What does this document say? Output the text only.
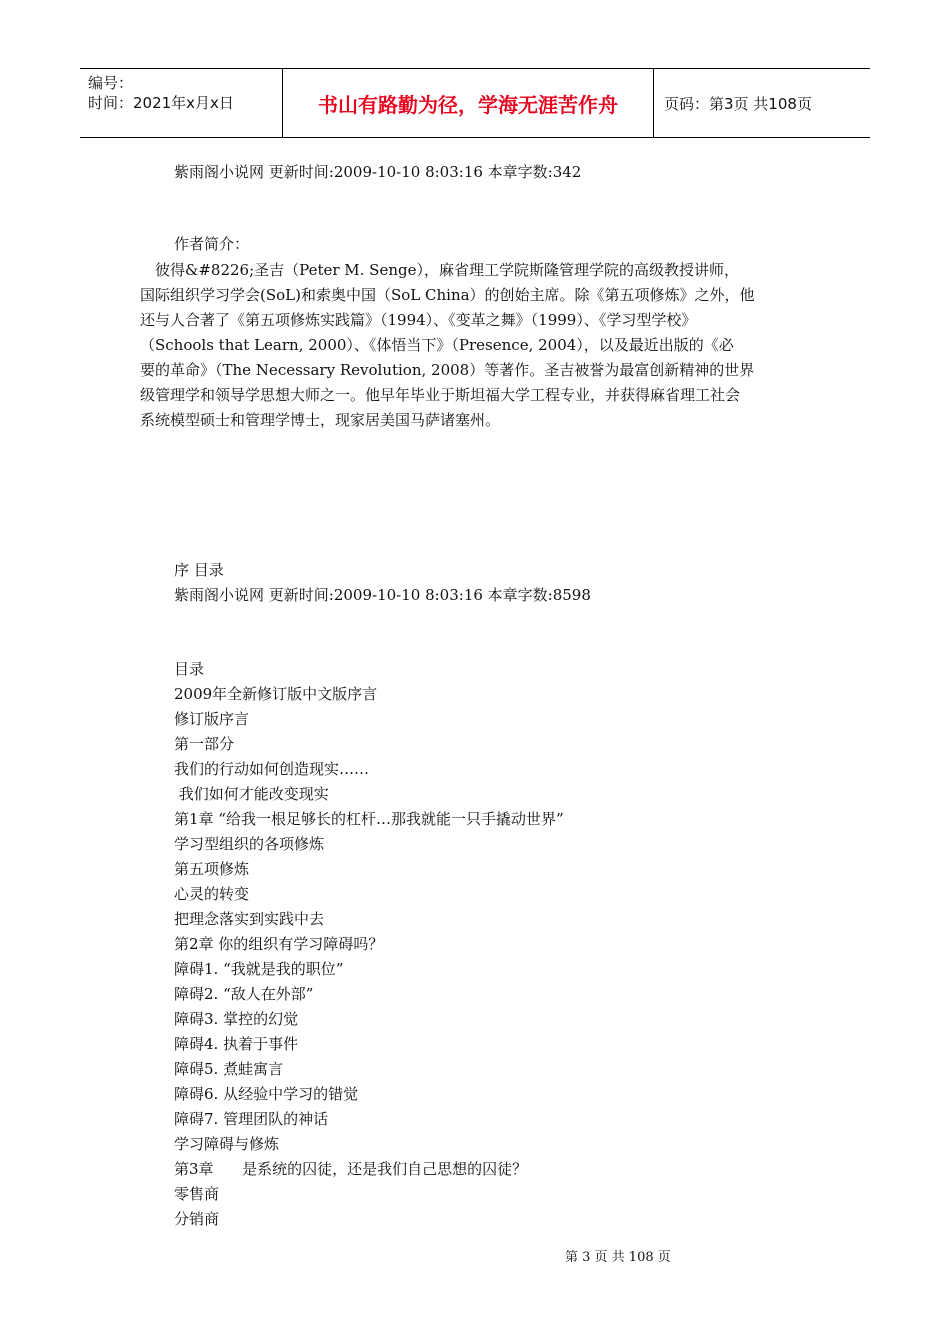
编号：
时间：2021年x月x日	书山有路勤为径，学海无涯苦作舟	页码：第3页 共108页
紫雨阁小说网 更新时间:2009-10-10 8:03:16 本章字数:342
作者简介：
　彼得&#8226;圣吉（Peter M. Senge），麻省理工学院斯隆管理学院的高级教授讲师，
国际组织学习学会(SoL)和索奥中国（SoL China）的创始主席。除《第五项修炼》之外，他
还与人合著了《第五项修炼实践篇》（1994）、《变革之舞》（1999）、《学习型学校》
（Schools that Learn, 2000）、《体悟当下》（Presence, 2004），以及最近出版的《必
要的革命》（The Necessary Revolution, 2008）等著作。圣吉被誉为最富创新精神的世界
级管理学和领导学思想大师之一。他早年毕业于斯坦福大学工程专业，并获得麻省理工社会
系统模型硕士和管理学博士，现家居美国马萨诸塞州。
序 目录
紫雨阁小说网 更新时间:2009-10-10 8:03:16 本章字数:8598
目录
2009年全新修订版中文版序言
修订版序言
第一部分
我们的行动如何创造现实……
我们如何才能改变现实
第1章 “给我一根足够长的杠杆…那我就能一只手撬动世界”
学习型组织的各项修炼
第五项修炼
心灵的转变
把理念落实到实践中去
第2章 你的组织有学习障碍吗？
障碍1. “我就是我的职位”
障碍2. “敌人在外部”
障碍3. 掌控的幻觉
障碍4. 执着于事件
障碍5. 煮蛙寓言
障碍6. 从经验中学习的错觉
障碍7. 管理团队的神话
学习障碍与修炼
第3章      是系统的囚徒，还是我们自己思想的囚徒？
零售商
分销商
第 3 页 共 108 页
